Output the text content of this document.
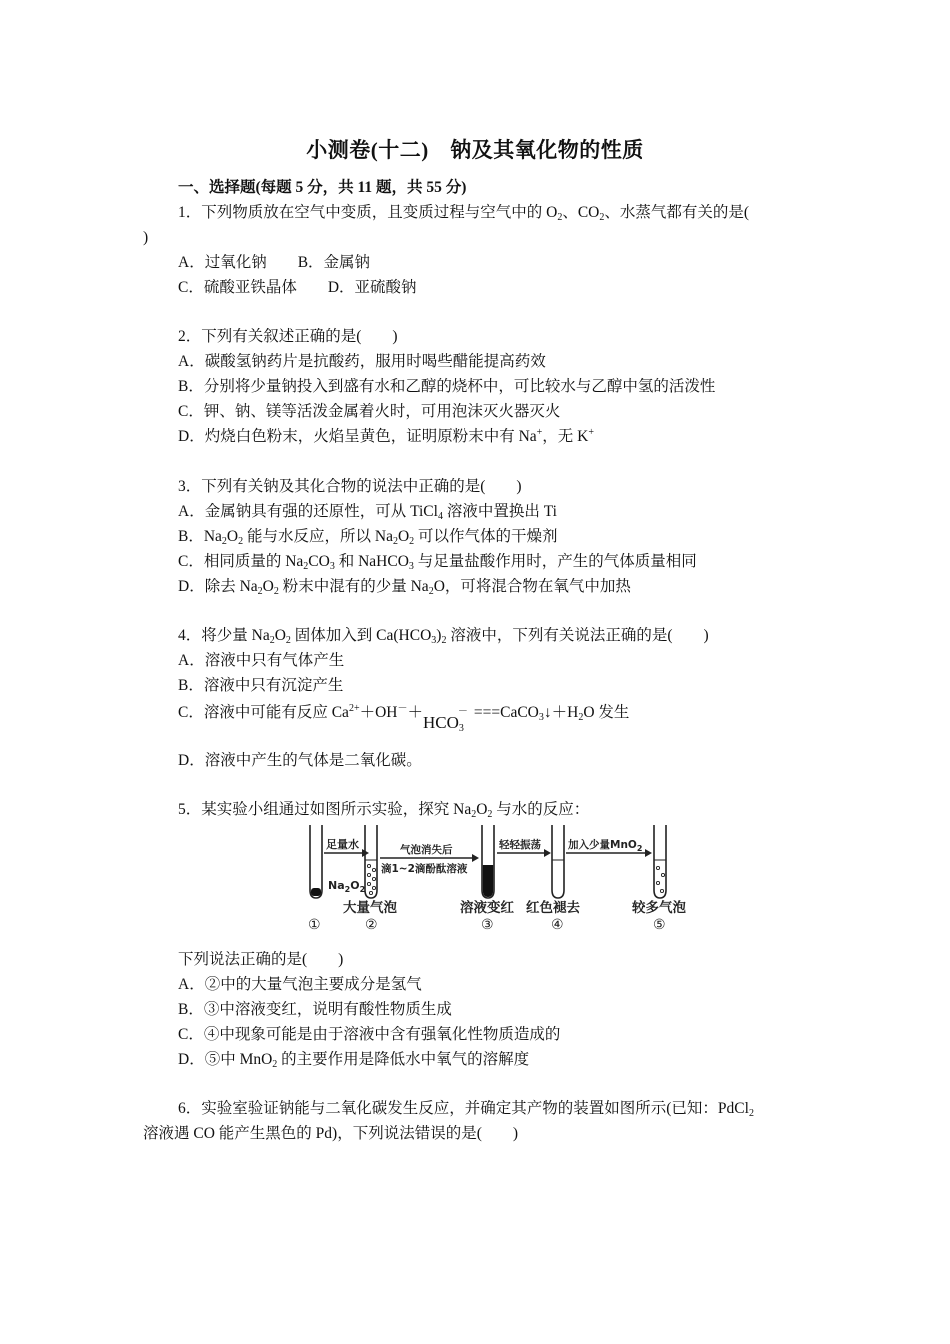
小测卷(十二)　钠及其氧化物的性质
一、选择题(每题 5 分，共 11 题，共 55 分)
1．下列物质放在空气中变质，且变质过程与空气中的 $O_2$、$CO_2$、水蒸气都有关的是(
)
A．过氧化钠　　B．金属钠
C．硫酸亚铁晶体　　D．亚硫酸钠
2．下列有关叙述正确的是(　　)
A．碳酸氢钠药片是抗酸药，服用时喝些醋能提高药效
B．分别将少量钠投入到盛有水和乙醇的烧杯中，可比较水与乙醇中氢的活泼性
C．钾、钠、镁等活泼金属着火时，可用泡沫灭火器灭火
D．灼烧白色粉末，火焰呈黄色，证明原粉末中有 Na+，无 K+
3．下列有关钠及其化合物的说法中正确的是(　　)
A．金属钠具有强的还原性，可从 TiCl$_4$ 溶液中置换出 Ti
B．$Na_2O_2$ 能与水反应，所以 $Na_2O_2$ 可以作气体的干燥剂
C．相同质量的 $Na_2CO_3$ 和 NaHCO$_3$ 与足量盐酸作用时，产生的气体质量相同
D．除去 $Na_2O_2$ 粉末中混有的少量 $Na_2O$，可将混合物在氧气中加热
4．将少量 $Na_2O_2$ 固体加入到 $Ca(HCO_3)_2$ 溶液中，下列有关说法正确的是(　　)
A．溶液中只有气体产生
B．溶液中只有沉淀产生
C．溶液中可能有反应 $Ca^{2+}+OH^-+HCO_3^-$ $===CaCO_3↓+H_2O$ 发生
D．溶液中产生的气体是二氧化碳。
5．某实验小组通过如图所示实验，探究 $Na_2O_2$ 与水的反应：
足量水
$Na_2O_2$
气泡消失后
滴1~2滴酚酞溶液
轻轻振荡	加入少量MnO$_2$
大量气泡	溶液变红 红色褪去	较多气泡
①	②	③	④	⑤
下列说法正确的是(　　)
A．②中的大量气泡主要成分是氢气
B．③中溶液变红，说明有酸性物质生成
C．④中现象可能是由于溶液中含有强氧化性物质造成的
D．⑤中 MnO$_2$ 的主要作用是降低水中氧气的溶解度
6．实验室验证钠能与二氧化碳发生反应，并确定其产物的装置如图所示(已知：PdCl$_2$
溶液遇 CO 能产生黑色的 Pd)，下列说法错误的是(　　)
